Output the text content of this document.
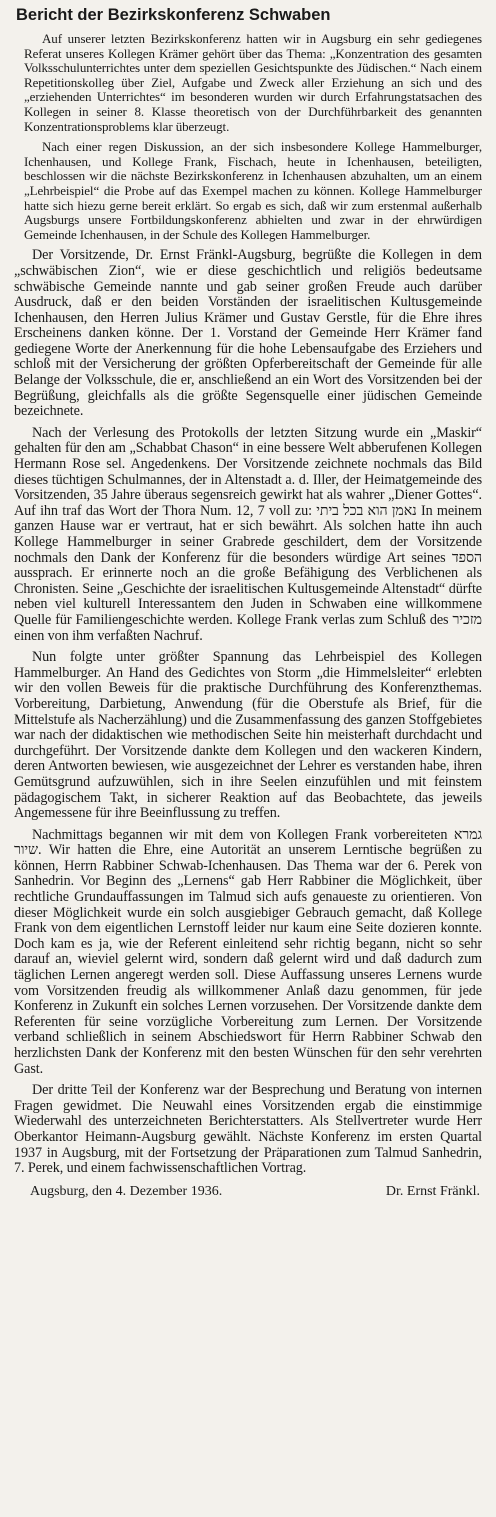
Bericht der Bezirkskonferenz Schwaben

Auf unserer letzten Bezirkskonferenz hatten wir in Augsburg ein sehr gediegenes Referat unseres Kollegen Krämer gehört über das Thema: „Konzentration des gesamten Volksschulunterrichtes unter dem speziellen Gesichtspunkte des Jüdischen.“ Nach einem Repetitionskolleg über Ziel, Aufgabe und Zweck aller Erziehung an sich und des „erziehenden Unterrichtes“ im besonderen wurden wir durch Erfahrungstatsachen des Kollegen in seiner 8. Klasse theoretisch von der Durchführbarkeit des genannten Konzentrationsproblems klar überzeugt.

Nach einer regen Diskussion, an der sich insbesondere Kollege Hammelburger, Ichenhausen, und Kollege Frank, Fischach, heute in Ichenhausen, beteiligten, beschlossen wir die nächste Bezirkskonferenz in Ichenhausen abzuhalten, um an einem „Lehrbeispiel“ die Probe auf das Exempel machen zu können. Kollege Hammelburger hatte sich hiezu gerne bereit erklärt. So ergab es sich, daß wir zum erstenmal außerhalb Augsburgs unsere Fortbildungskonferenz abhielten und zwar in der ehrwürdigen Gemeinde Ichenhausen, in der Schule des Kollegen Hammelburger.

Der Vorsitzende, Dr. Ernst Fränkl-Augsburg, begrüßte die Kollegen in dem „schwäbischen Zion“, wie er diese geschichtlich und religiös bedeutsame schwäbische Gemeinde nannte und gab seiner großen Freude auch darüber Ausdruck, daß er den beiden Vorständen der israelitischen Kultusgemeinde Ichenhausen, den Herren Julius Krämer und Gustav Gerstle, für die Ehre ihres Erscheinens danken könne. Der 1. Vorstand der Gemeinde Herr Krämer fand gediegene Worte der Anerkennung für die hohe Lebensaufgabe des Erziehers und schloß mit der Versicherung der größten Opferbereitschaft der Gemeinde für alle Belange der Volksschule, die er, anschließend an ein Wort des Vorsitzenden bei der Begrüßung, gleichfalls als die größte Segensquelle einer jüdischen Gemeinde bezeichnete.

Nach der Verlesung des Protokolls der letzten Sitzung wurde ein „Maskir“ gehalten für den am „Schabbat Chason“ in eine bessere Welt abberufenen Kollegen Hermann Rose sel. Angedenkens. Der Vorsitzende zeichnete nochmals das Bild dieses tüchtigen Schulmannes, der in Altenstadt a. d. Iller, der Heimatgemeinde des Vorsitzenden, 35 Jahre überaus segensreich gewirkt hat als wahrer „Diener Gottes“. Auf ihn traf das Wort der Thora Num. 12, 7 voll zu: נאמן הוא בכל ביתי In meinem ganzen Hause war er vertraut, hat er sich bewährt. Als solchen hatte ihn auch Kollege Hammelburger in seiner Grabrede geschildert, dem der Vorsitzende nochmals den Dank der Konferenz für die besonders würdige Art seines הספד aussprach. Er erinnerte noch an die große Befähigung des Verblichenen als Chronisten. Seine „Geschichte der israelitischen Kultusgemeinde Altenstadt“ dürfte neben viel kulturell Interessantem den Juden in Schwaben eine willkommene Quelle für Familiengeschichte werden. Kollege Frank verlas zum Schluß des מזכיר einen von ihm verfaßten Nachruf.

Nun folgte unter größter Spannung das Lehrbeispiel des Kollegen Hammelburger. An Hand des Gedichtes von Storm „die Himmelsleiter“ erlebten wir den vollen Beweis für die praktische Durchführung des Konferenzthemas. Vorbereitung, Darbietung, Anwendung (für die Oberstufe als Brief, für die Mittelstufe als Nacherzählung) und die Zusammenfassung des ganzen Stoffgebietes war nach der didaktischen wie methodischen Seite hin meisterhaft durchdacht und durchgeführt. Der Vorsitzende dankte dem Kollegen und den wackeren Kindern, deren Antworten bewiesen, wie ausgezeichnet der Lehrer es verstanden habe, ihren Gemütsgrund aufzuwühlen, sich in ihre Seelen einzufühlen und mit feinstem pädagogischem Takt, in sicherer Reaktion auf das Beobachtete, das jeweils Angemessene für ihre Beeinflussung zu treffen.

Nachmittags begannen wir mit dem von Kollegen Frank vorbereiteten גמרא שיור. Wir hatten die Ehre, eine Autorität an unserem Lerntische begrüßen zu können, Herrn Rabbiner Schwab-Ichenhausen. Das Thema war der 6. Perek von Sanhedrin. Vor Beginn des „Lernens“ gab Herr Rabbiner die Möglichkeit, über rechtliche Grundauffassungen im Talmud sich aufs genaueste zu orientieren. Von dieser Möglichkeit wurde ein solch ausgiebiger Gebrauch gemacht, daß Kollege Frank von dem eigentlichen Lernstoff leider nur kaum eine Seite dozieren konnte. Doch kam es ja, wie der Referent einleitend sehr richtig begann, nicht so sehr darauf an, wieviel gelernt wird, sondern daß gelernt wird und daß dadurch zum täglichen Lernen angeregt werden soll. Diese Auffassung unseres Lernens wurde vom Vorsitzenden freudig als willkommener Anlaß dazu genommen, für jede Konferenz in Zukunft ein solches Lernen vorzusehen. Der Vorsitzende dankte dem Referenten für seine vorzügliche Vorbereitung zum Lernen. Der Vorsitzende verband schließlich in seinem Abschiedswort für Herrn Rabbiner Schwab den herzlichsten Dank der Konferenz mit den besten Wünschen für den sehr verehrten Gast.

Der dritte Teil der Konferenz war der Besprechung und Beratung von internen Fragen gewidmet. Die Neuwahl eines Vorsitzenden ergab die einstimmige Wiederwahl des unterzeichneten Berichterstatters. Als Stellvertreter wurde Herr Oberkantor Heimann-Augsburg gewählt. Nächste Konferenz im ersten Quartal 1937 in Augsburg, mit der Fortsetzung der Präparationen zum Talmud Sanhedrin, 7. Perek, und einem fachwissenschaftlichen Vortrag.

Augsburg, den 4. Dezember 1936.	Dr. Ernst Fränkl.
